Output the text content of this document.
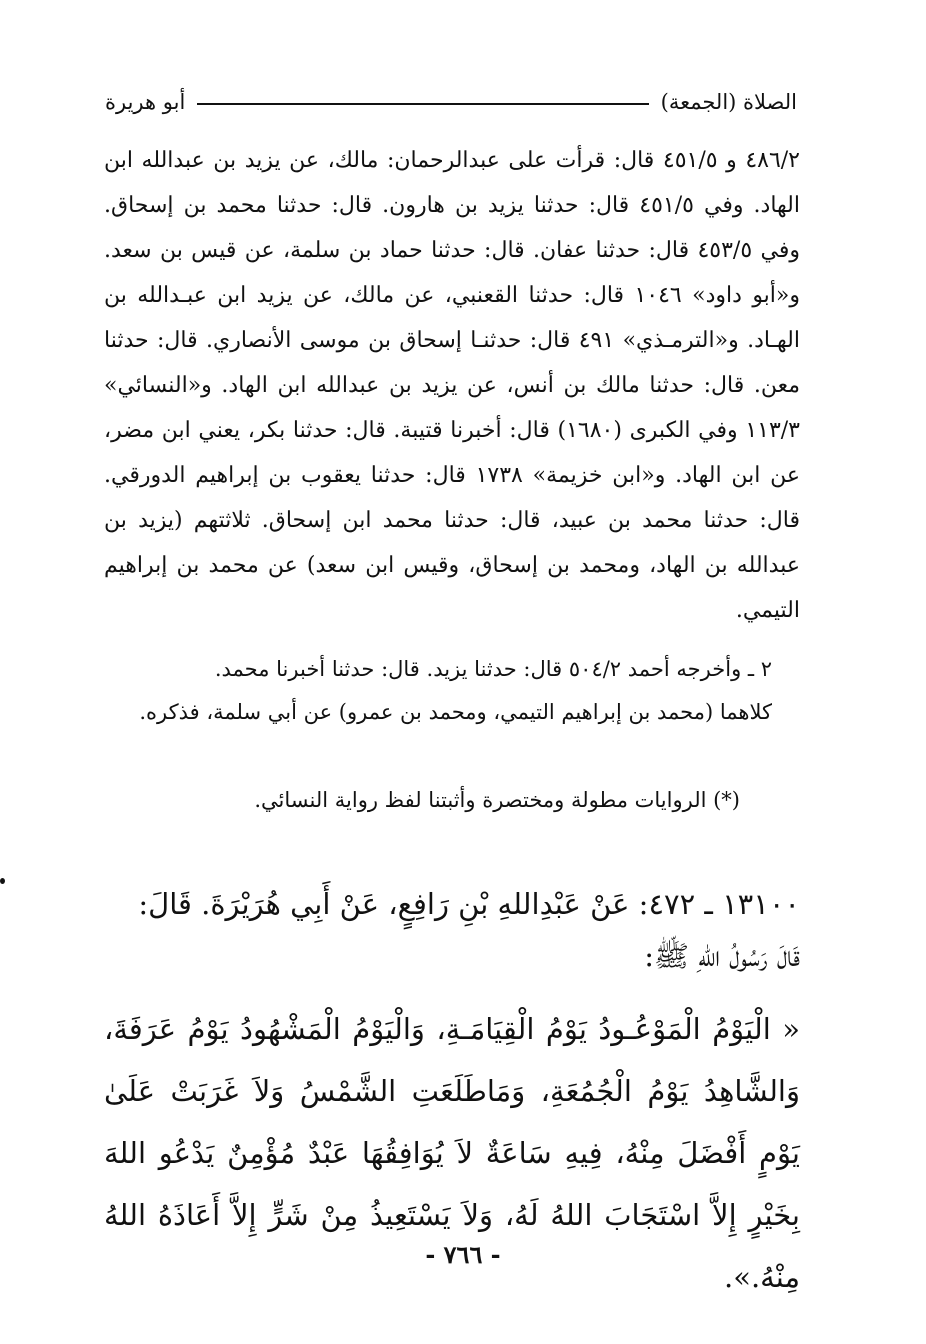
الصلاة (الجمعة)
أبو هريرة

٤٨٦/٢ و ٤٥١/٥ قال: قرأت على عبدالرحمان: مالك، عن يزيد بن عبدالله ابن الهاد. وفي ٤٥١/٥ قال: حدثنا يزيد بن هارون. قال: حدثنا محمد بن إسحاق. وفي ٤٥٣/٥ قال: حدثنا عفان. قال: حدثنا حماد بن سلمة، عن قيس بن سعد. و«أبو داود» ١٠٤٦ قال: حدثنا القعنبي، عن مالك، عن يزيد ابن عبـدالله بن الهـاد. و«الترمـذي» ٤٩١ قال: حدثنـا إسحاق بن موسى الأنصاري. قال: حدثنا معن. قال: حدثنا مالك بن أنس، عن يزيد بن عبدالله ابن الهاد. و«النسائي» ١١٣/٣ وفي الكبرى (١٦٨٠) قال: أخبرنا قتيبة. قال: حدثنا بكر، يعني ابن مضر، عن ابن الهاد. و«ابن خزيمة» ١٧٣٨ قال: حدثنا يعقوب بن إبراهيم الدورقي. قال: حدثنا محمد بن عبيد، قال: حدثنا محمد ابن إسحاق. ثلاثتهم (يزيد بن عبدالله بن الهاد، ومحمد بن إسحاق، وقيس ابن سعد) عن محمد بن إبراهيم التيمي.

٢ ـ وأخرجه أحمد ٥٠٤/٢ قال: حدثنا يزيد. قال: حدثنا أخبرنا محمد.

كلاهما (محمد بن إبراهيم التيمي، ومحمد بن عمرو) عن أبي سلمة، فذكره.

(*) الروايات مطولة ومختصرة وأثبتنا لفظ رواية النسائي.

١٣١٠٠ ـ ٤٧٢: عَنْ عَبْدِاللهِ بْنِ رَافِعٍ، عَنْ أَبِي هُرَيْرَةَ. قَالَ:

قَالَ رَسُولُ اللهِ ﷺ:

« الْيَوْمُ الْمَوْعُـودُ يَوْمُ الْقِيَامَـةِ، وَالْيَوْمُ الْمَشْهُودُ يَوْمُ عَرَفَةَ، وَالشَّاهِدُ يَوْمُ الْجُمُعَةِ، وَمَاطَلَعَتِ الشَّمْسُ وَلاَ غَرَبَتْ عَلَىٰ يَوْمٍ أَفْضَلَ مِنْهُ، فِيهِ سَاعَةٌ لاَ يُوَافِقُهَا عَبْدٌ مُؤْمِنٌ يَدْعُو اللهَ بِخَيْرٍ إِلاَّ اسْتَجَابَ اللهُ لَهُ، وَلاَ يَسْتَعِيذُ مِنْ شَرٍّ إِلاَّ أَعَاذَهُ اللهُ مِنْهُ.».

- ٧٦٦ -
